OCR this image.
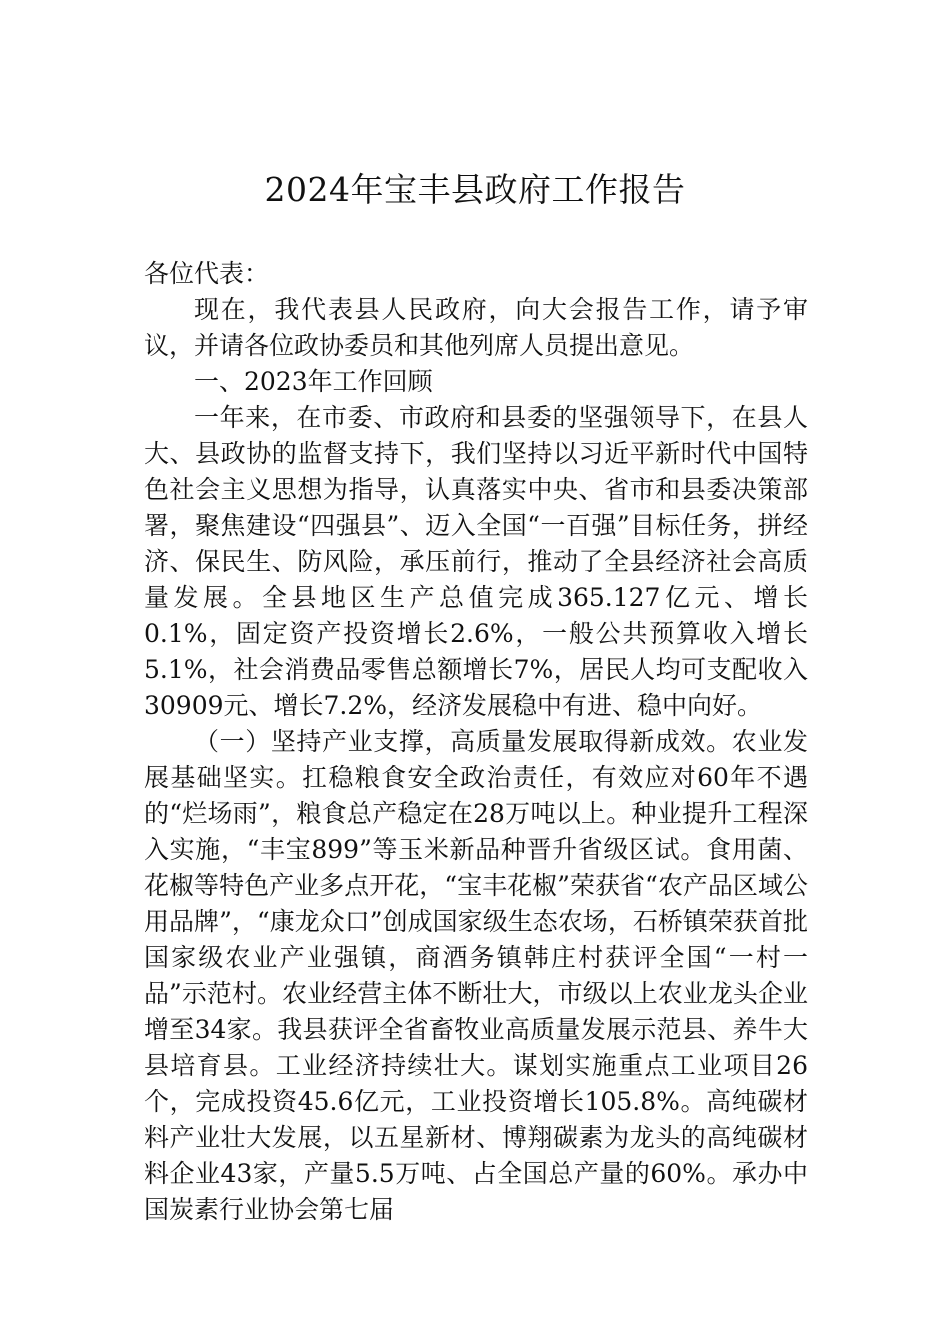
2024年宝丰县政府工作报告

各位代表：

现在，我代表县人民政府，向大会报告工作，请予审议，并请各位政协委员和其他列席人员提出意见。

一、2023年工作回顾

一年来，在市委、市政府和县委的坚强领导下，在县人大、县政协的监督支持下，我们坚持以习近平新时代中国特色社会主义思想为指导，认真落实中央、省市和县委决策部署，聚焦建设“四强县”、迈入全国“一百强”目标任务，拼经济、保民生、防风险，承压前行，推动了全县经济社会高质量发展。全县地区生产总值完成365.127亿元、增长0.1%，固定资产投资增长2.6%，一般公共预算收入增长5.1%，社会消费品零售总额增长7%，居民人均可支配收入30909元、增长7.2%，经济发展稳中有进、稳中向好。

（一）坚持产业支撑，高质量发展取得新成效。农业发展基础坚实。扛稳粮食安全政治责任，有效应对60年不遇的“烂场雨”，粮食总产稳定在28万吨以上。种业提升工程深入实施，“丰宝899”等玉米新品种晋升省级区试。食用菌、花椒等特色产业多点开花，“宝丰花椒”荣获省“农产品区域公用品牌”，“康龙众口”创成国家级生态农场，石桥镇荣获首批国家级农业产业强镇，商酒务镇韩庄村获评全国“一村一品”示范村。农业经营主体不断壮大，市级以上农业龙头企业增至34家。我县获评全省畜牧业高质量发展示范县、养牛大县培育县。工业经济持续壮大。谋划实施重点工业项目26个，完成投资45.6亿元，工业投资增长105.8%。高纯碳材料产业壮大发展，以五星新材、博翔碳素为龙头的高纯碳材料企业43家，产量5.5万吨、占全国总产量的60%。承办中国炭素行业协会第七届
